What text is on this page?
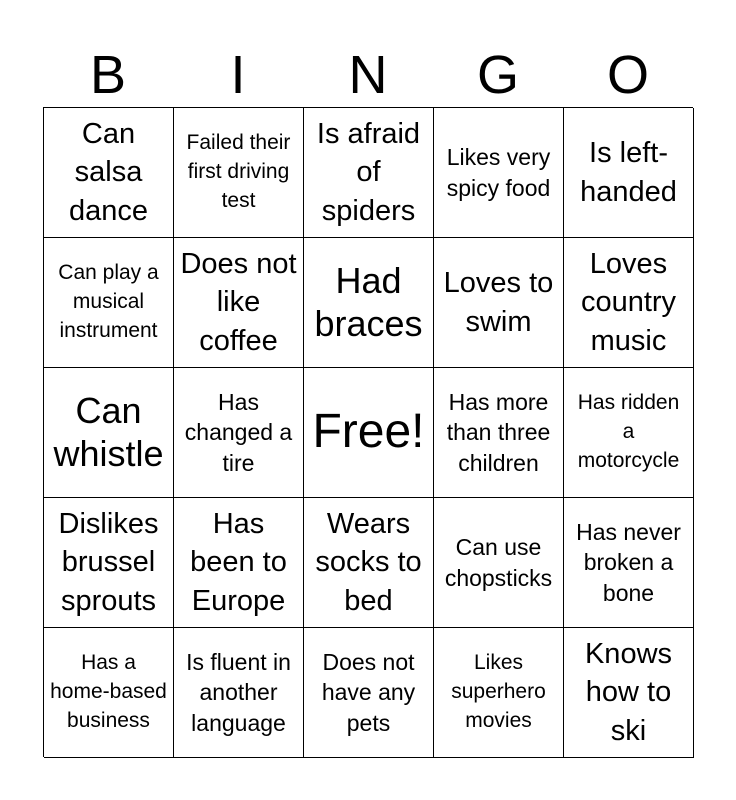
B	I	N	G	O
Can salsa dance
Failed their first driving test
Is afraid of spiders
Likes very spicy food
Is left-handed
Can play a musical instrument
Does not like coffee
Had braces
Loves to swim
Loves country music
Can whistle
Has changed a tire
Free!
Has more than three children
Has ridden a motorcycle
Dislikes brussel sprouts
Has been to Europe
Wears socks to bed
Can use chopsticks
Has never broken a bone
Has a home-based business
Is fluent in another language
Does not have any pets
Likes superhero movies
Knows how to ski
